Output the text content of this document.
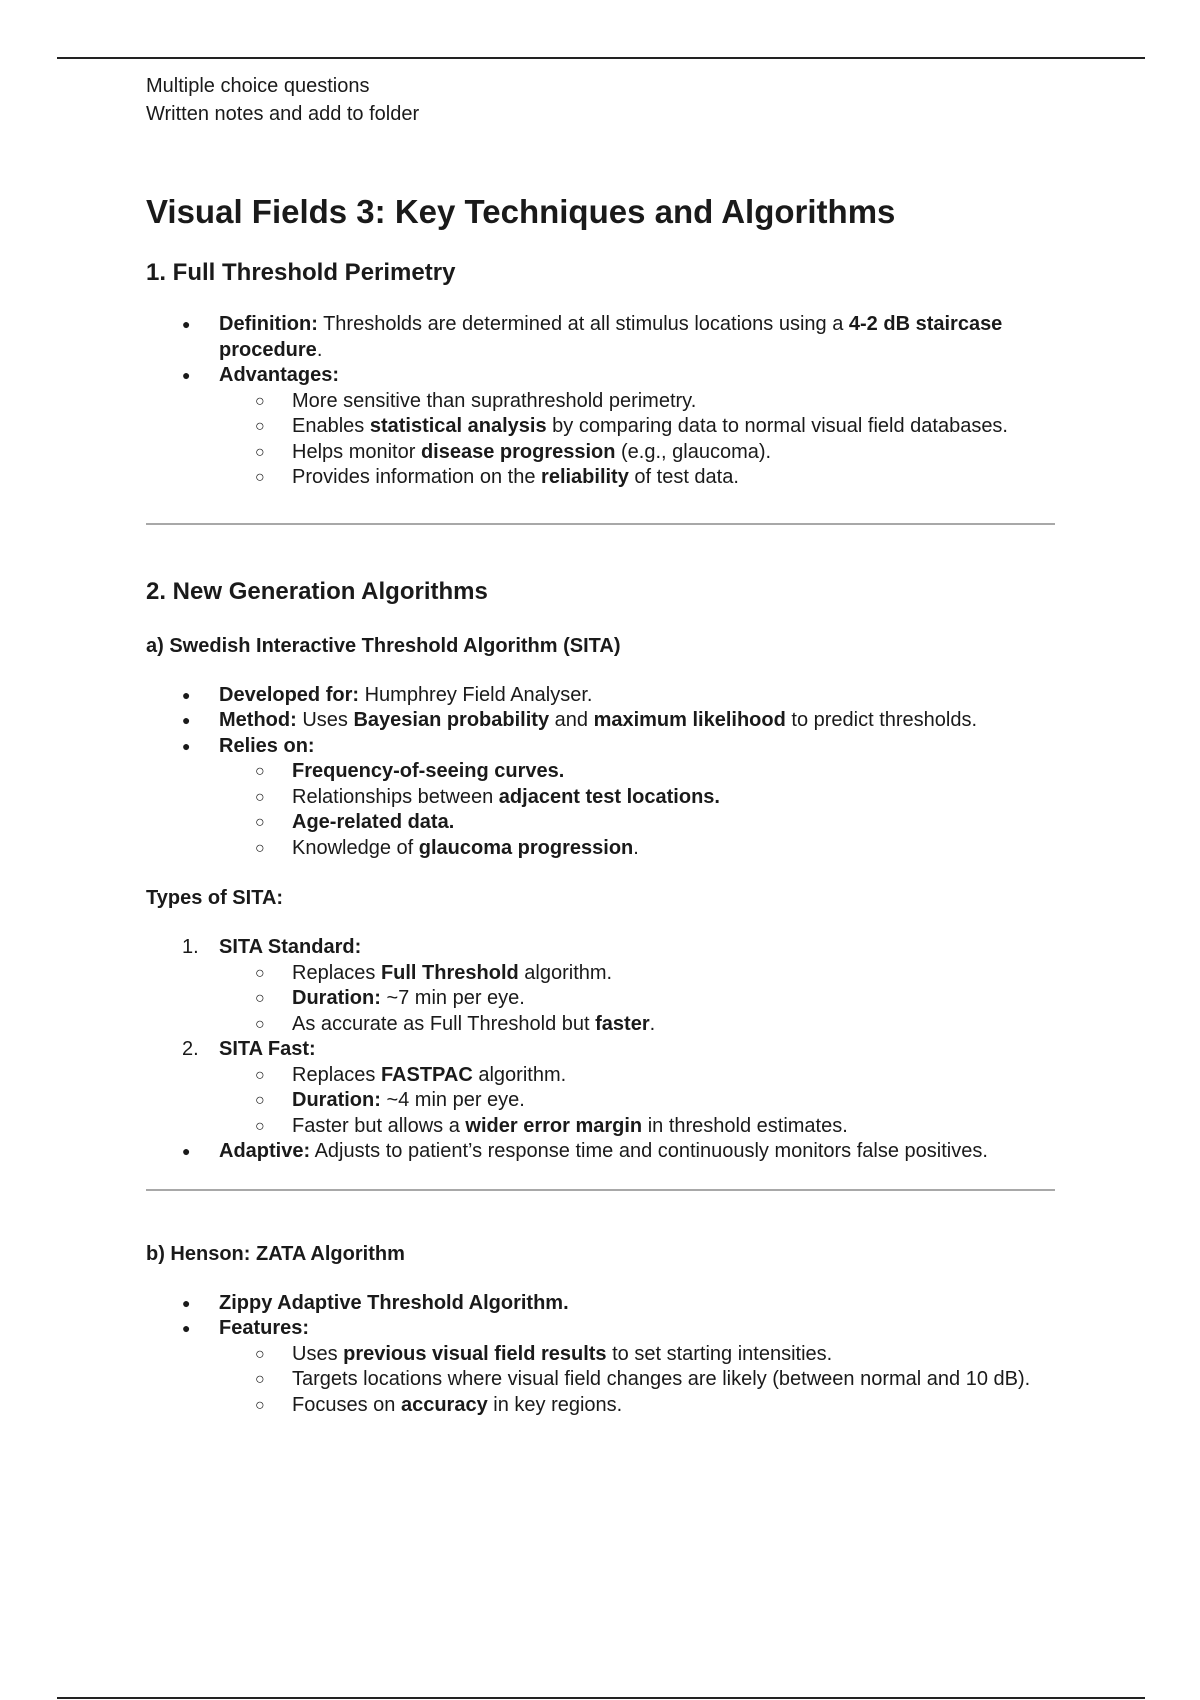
Multiple choice questions
Written notes and add to folder
Visual Fields 3: Key Techniques and Algorithms
1. Full Threshold Perimetry
● Definition: Thresholds are determined at all stimulus locations using a 4-2 dB staircase procedure.
● Advantages:
○ More sensitive than suprathreshold perimetry.
○ Enables statistical analysis by comparing data to normal visual field databases.
○ Helps monitor disease progression (e.g., glaucoma).
○ Provides information on the reliability of test data.
2. New Generation Algorithms
a) Swedish Interactive Threshold Algorithm (SITA)
● Developed for: Humphrey Field Analyser.
● Method: Uses Bayesian probability and maximum likelihood to predict thresholds.
● Relies on:
○ Frequency-of-seeing curves.
○ Relationships between adjacent test locations.
○ Age-related data.
○ Knowledge of glaucoma progression.
Types of SITA:
1. SITA Standard:
○ Replaces Full Threshold algorithm.
○ Duration: ~7 min per eye.
○ As accurate as Full Threshold but faster.
2. SITA Fast:
○ Replaces FASTPAC algorithm.
○ Duration: ~4 min per eye.
○ Faster but allows a wider error margin in threshold estimates.
● Adaptive: Adjusts to patient’s response time and continuously monitors false positives.
b) Henson: ZATA Algorithm
● Zippy Adaptive Threshold Algorithm.
● Features:
○ Uses previous visual field results to set starting intensities.
○ Targets locations where visual field changes are likely (between normal and 10 dB).
○ Focuses on accuracy in key regions.
